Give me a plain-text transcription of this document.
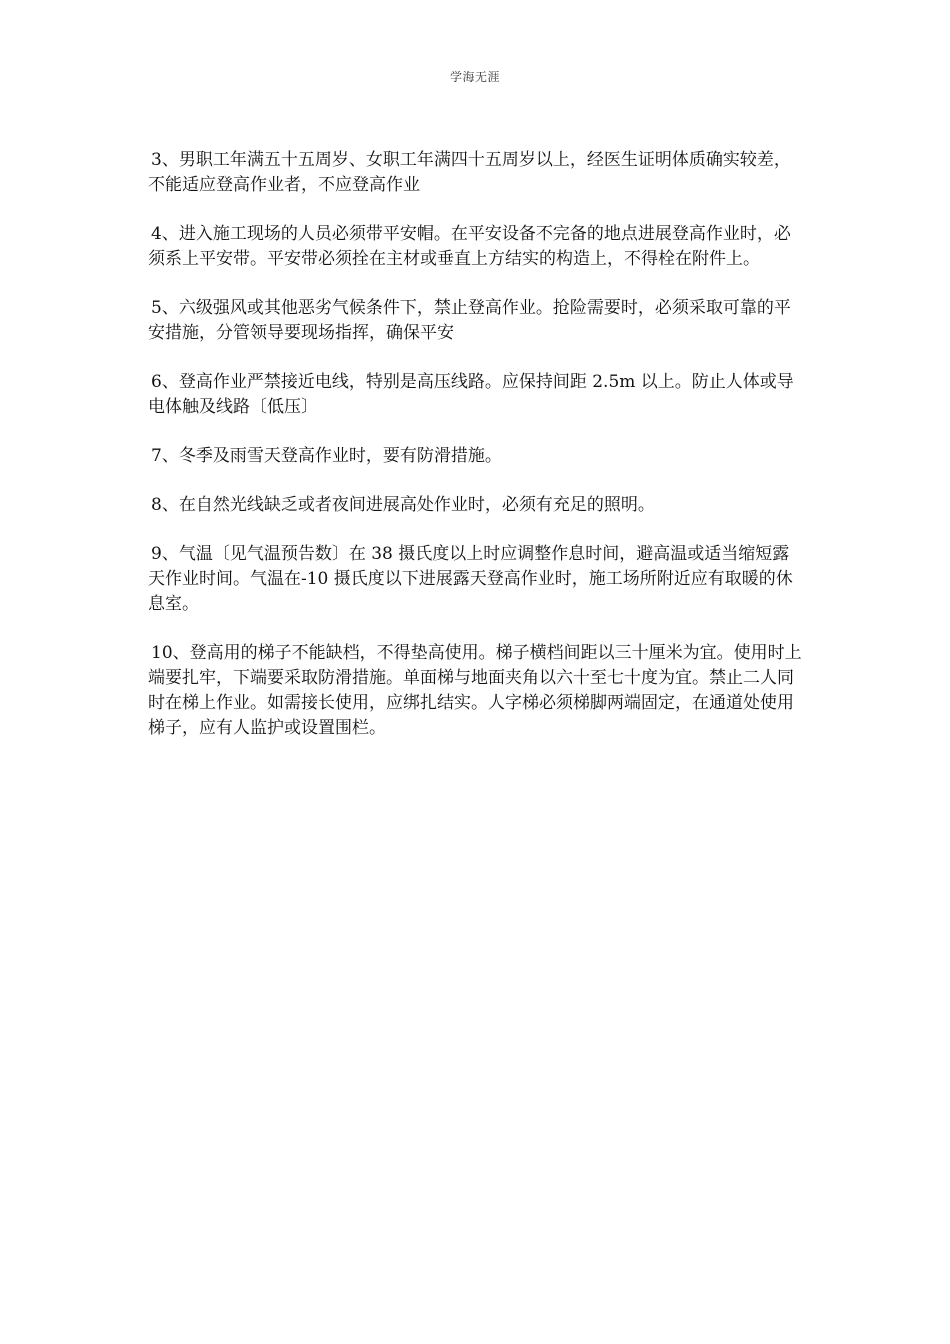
学海无涯

3、男职工年满五十五周岁、女职工年满四十五周岁以上，经医生证明体质确实较差，不能适应登高作业者，不应登高作业

4、进入施工现场的人员必须带平安帽。在平安设备不完备的地点进展登高作业时，必须系上平安带。平安带必须拴在主材或垂直上方结实的构造上，不得栓在附件上。

5、六级强风或其他恶劣气候条件下，禁止登高作业。抢险需要时，必须采取可靠的平安措施，分管领导要现场指挥，确保平安

6、登高作业严禁接近电线，特别是高压线路。应保持间距 2.5m 以上。防止人体或导电体触及线路〔低压〕

7、冬季及雨雪天登高作业时，要有防滑措施。

8、在自然光线缺乏或者夜间进展高处作业时，必须有充足的照明。

9、气温〔见气温预告数〕在 38 摄氏度以上时应调整作息时间，避高温或适当缩短露天作业时间。气温在-10 摄氏度以下进展露天登高作业时，施工场所附近应有取暖的休息室。

10、登高用的梯子不能缺档，不得垫高使用。梯子横档间距以三十厘米为宜。使用时上端要扎牢，下端要采取防滑措施。单面梯与地面夹角以六十至七十度为宜。禁止二人同时在梯上作业。如需接长使用，应绑扎结实。人字梯必须梯脚两端固定，在通道处使用梯子，应有人监护或设置围栏。
